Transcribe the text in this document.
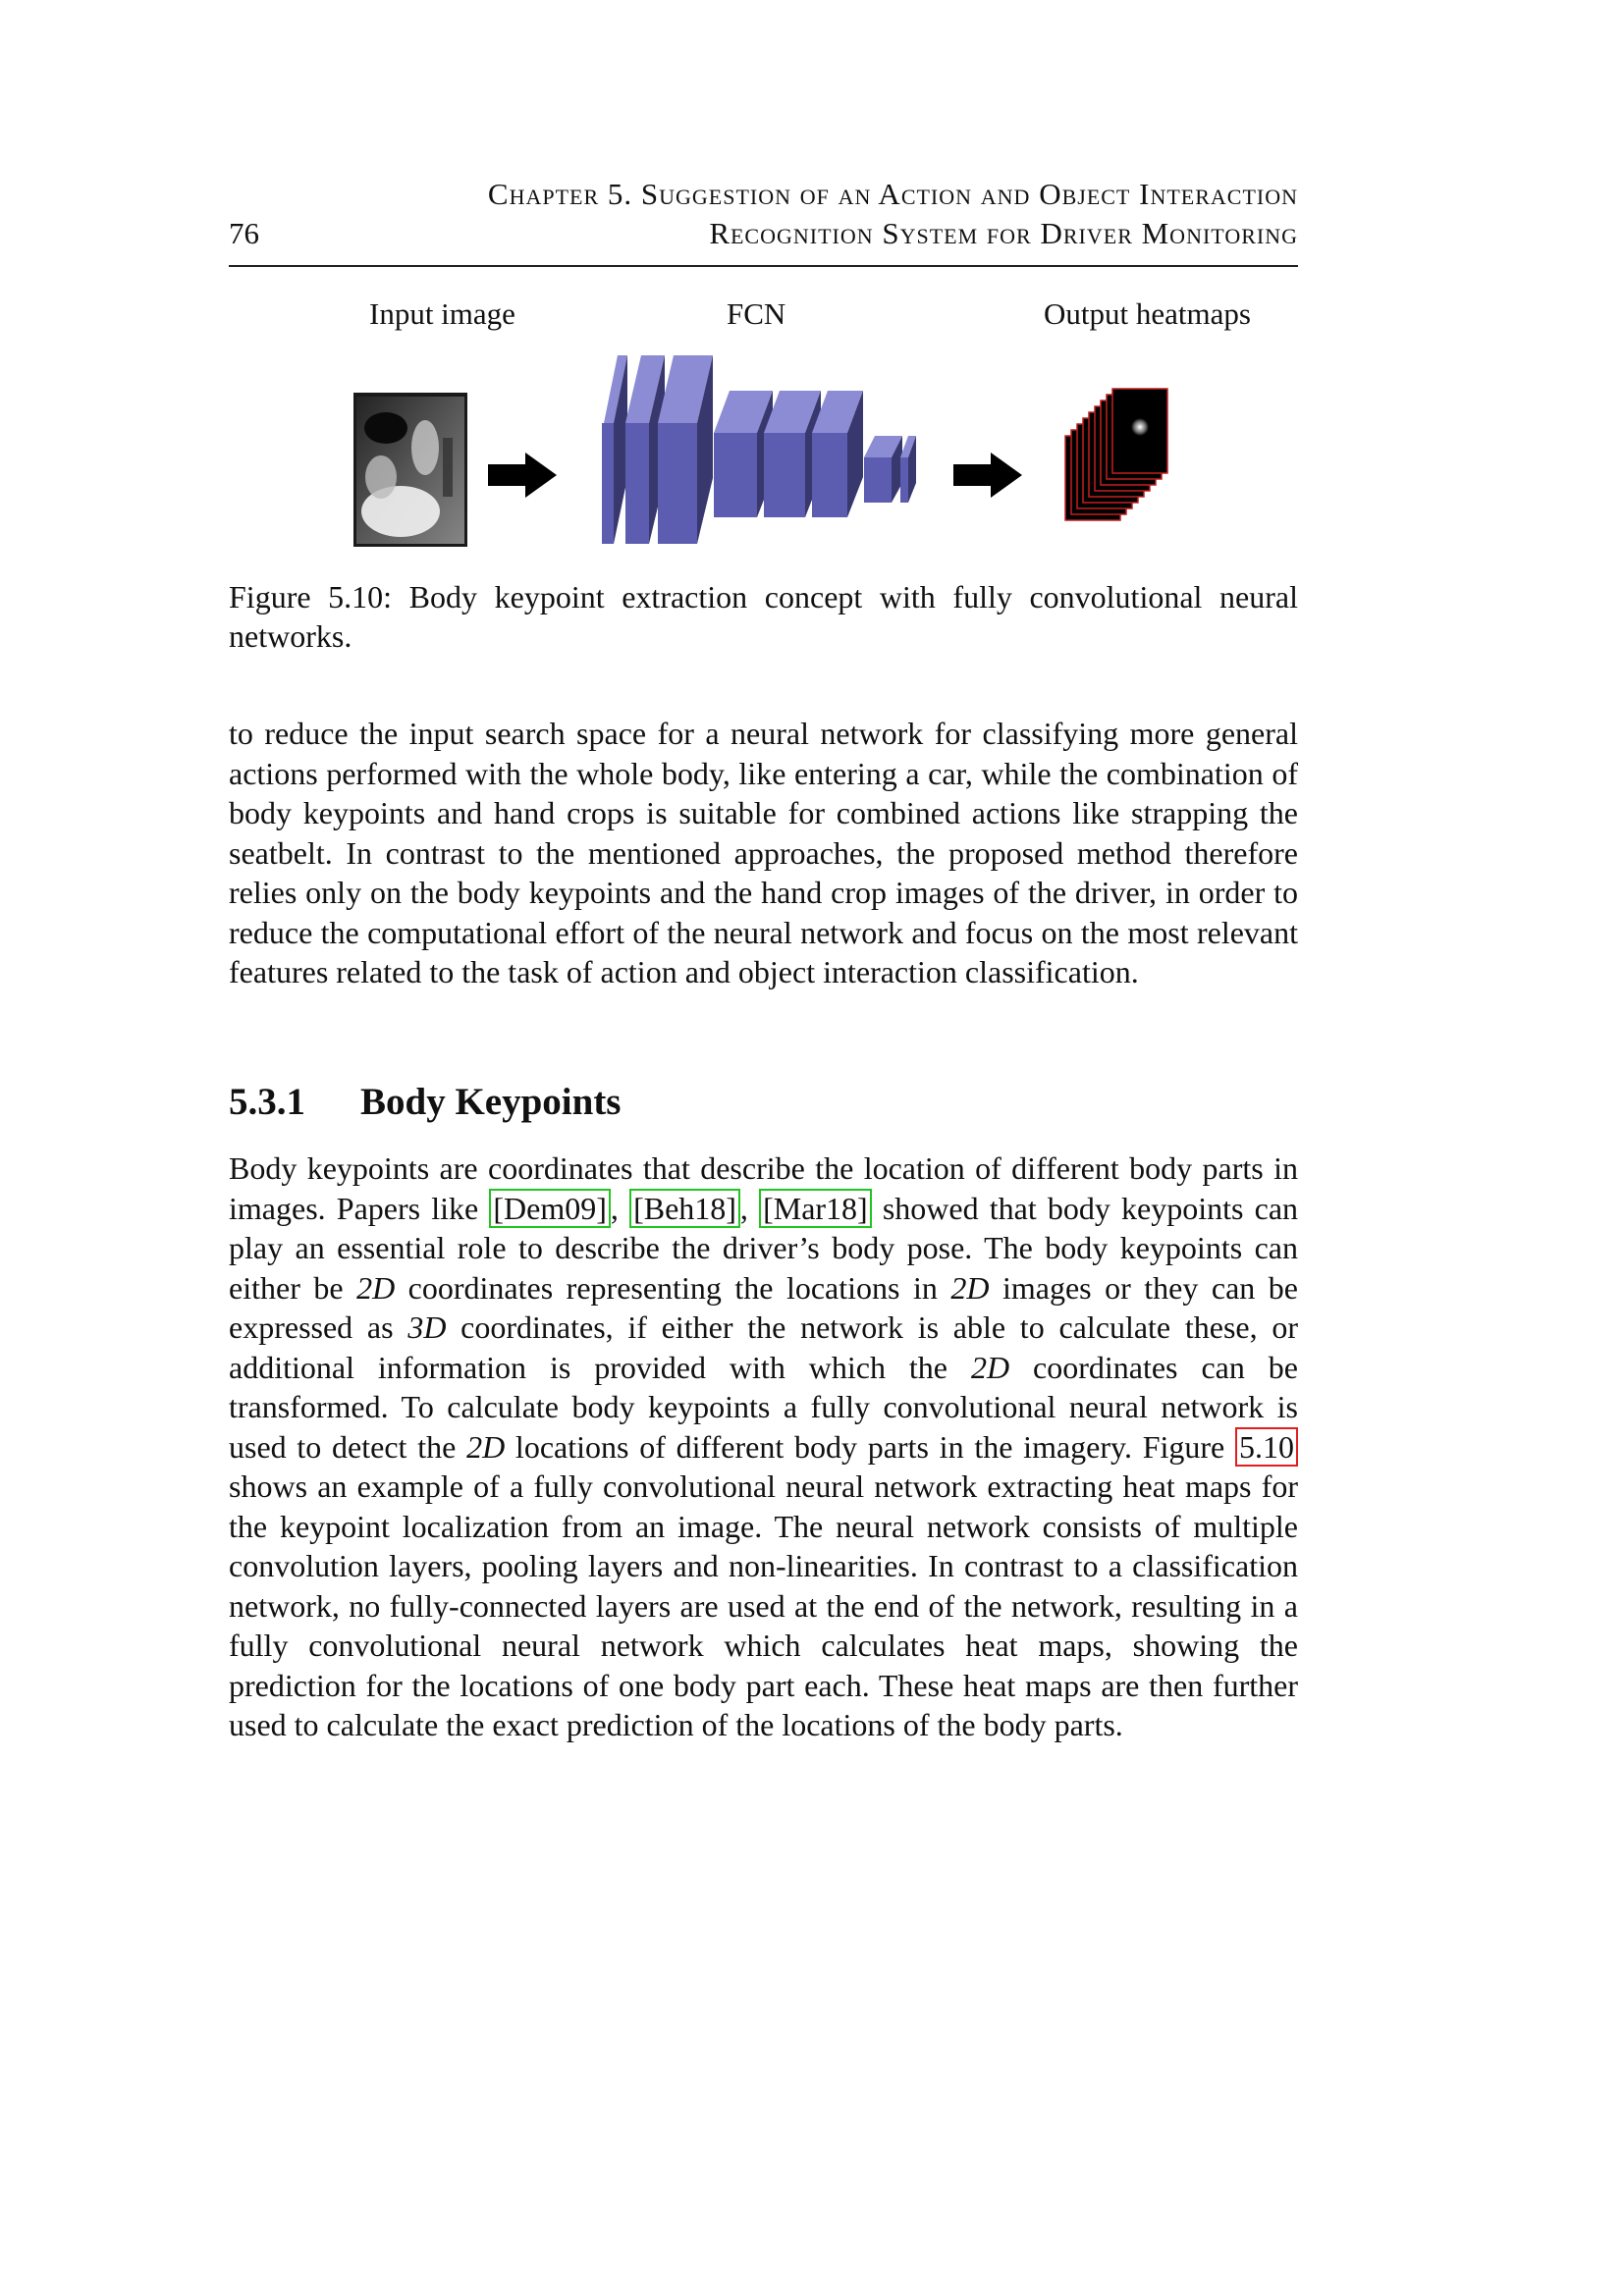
Chapter 5. Suggestion of an Action and Object Interaction
76	Recognition System for Driver Monitoring
Input image	FCN	Output heatmaps
Figure 5.10: Body keypoint extraction concept with fully convolutional neural networks.

to reduce the input search space for a neural network for classifying more general actions performed with the whole body, like entering a car, while the combination of body keypoints and hand crops is suitable for combined actions like strapping the seatbelt. In contrast to the mentioned approaches, the proposed method therefore relies only on the body keypoints and the hand crop images of the driver, in order to reduce the computational effort of the neural network and focus on the most relevant features related to the task of action and object interaction classification.

5.3.1 Body Keypoints

Body keypoints are coordinates that describe the location of different body parts in images. Papers like [Dem09] , [Beh18] , [Mar18] showed that body keypoints can play an essential role to describe the driver’s body pose. The body keypoints can either be 2D coordinates representing the locations in 2D images or they can be expressed as 3D coordinates, if either the network is able to calculate these, or additional information is provided with which the 2D coordinates can be transformed. To calculate body keypoints a fully convolutional neural network is used to detect the 2D locations of different body parts in the imagery. Figure 5.10 shows an example of a fully convolutional neural network extracting heat maps for the keypoint localization from an image. The neural network consists of multiple convolution layers, pooling layers and non-linearities. In contrast to a classification network, no fully-connected layers are used at the end of the network, resulting in a fully convolutional neural network which calculates heat maps, showing the prediction for the locations of one body part each. These heat maps are then further used to calculate the exact prediction of the locations of the body parts.
